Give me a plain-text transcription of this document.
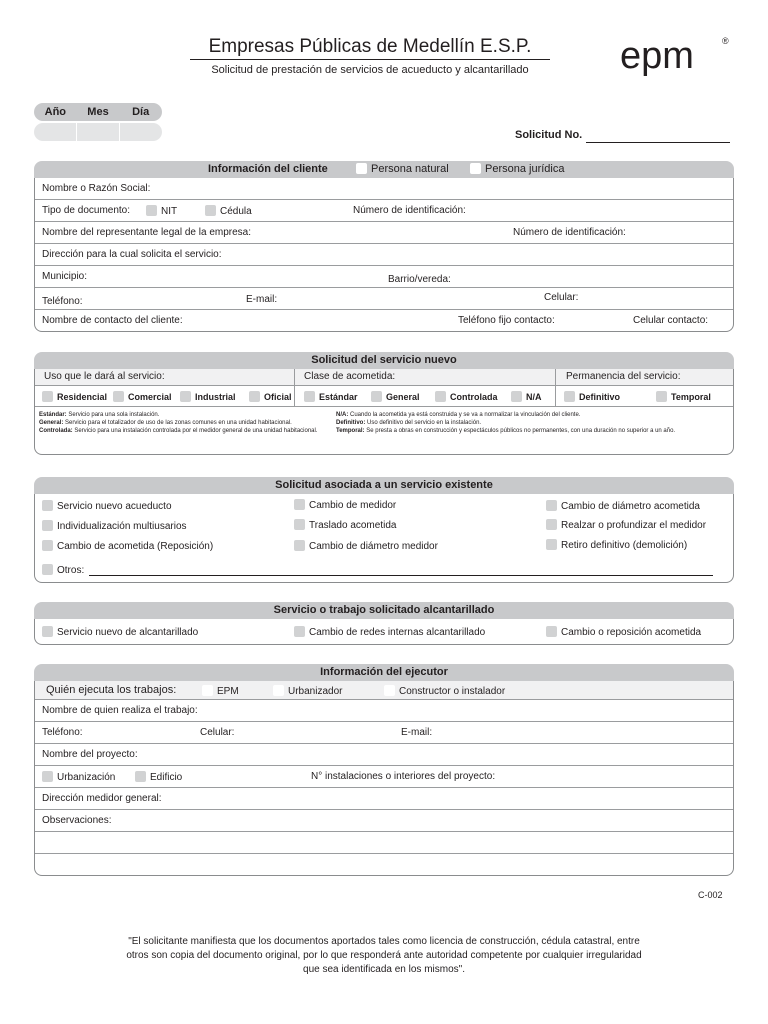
Empresas Públicas de Medellín E.S.P.
Solicitud de prestación de servicios de acueducto y alcantarillado	epm	®
Año	Mes	Día
Solicitud No.
Información del cliente	Persona natural	Persona jurídica
Nombre o Razón Social:
Tipo de documento:	NIT	Cédula	Número de identificación:
Nombre del representante legal de la empresa:	Número de identificación:
Dirección para la cual solicita el servicio:
Municipio:	Barrio/vereda:
Teléfono:	E-mail:	Celular:
Nombre de contacto del cliente:	Teléfono fijo contacto:	Celular contacto:
Solicitud del servicio nuevo
Uso que le dará al servicio:	Clase de acometida:	Permanencia del servicio:
Residencial	Comercial	Industrial	Oficial	Estándar	General	Controlada	N/A	Definitivo	Temporal
Estándar: Servicio para una sola instalación.
General: Servicio para el totalizador de uso de las zonas comunes en una unidad habitacional.
Controlada: Servicio para una instalación controlada por el medidor general de una unidad habitacional.
N/A: Cuando la acometida ya está construida y se va a normalizar la vinculación del cliente.
Definitivo: Uso definitivo del servicio en la instalación.
Temporal: Se presta a obras en construcción y espectáculos públicos no permanentes, con una duración no superior a un año.
Solicitud asociada a un servicio existente
Servicio nuevo acueducto	Cambio de medidor	Cambio de diámetro acometida
Individualización multiusarios	Traslado acometida	Realzar o profundizar el medidor
Cambio de acometida (Reposición)	Cambio de diámetro medidor	Retiro definitivo (demolición)
Otros:
Servicio o trabajo solicitado alcantarillado
Servicio nuevo de alcantarillado	Cambio de redes internas alcantarillado	Cambio o reposición acometida
Información del ejecutor
Quién ejecuta los trabajos:	EPM	Urbanizador	Constructor o instalador
Nombre de quien realiza el trabajo:
Teléfono:	Celular:	E-mail:
Nombre del proyecto:
Urbanización	Edificio	N° instalaciones o interiores del proyecto:
Dirección medidor general:
Observaciones:
C-002
"El solicitante manifiesta que los documentos aportados tales como licencia de construcción, cédula catastral, entre otros son copia del documento original, por lo que responderá ante autoridad competente por cualquier irregularidad que sea identificada en los mismos".
